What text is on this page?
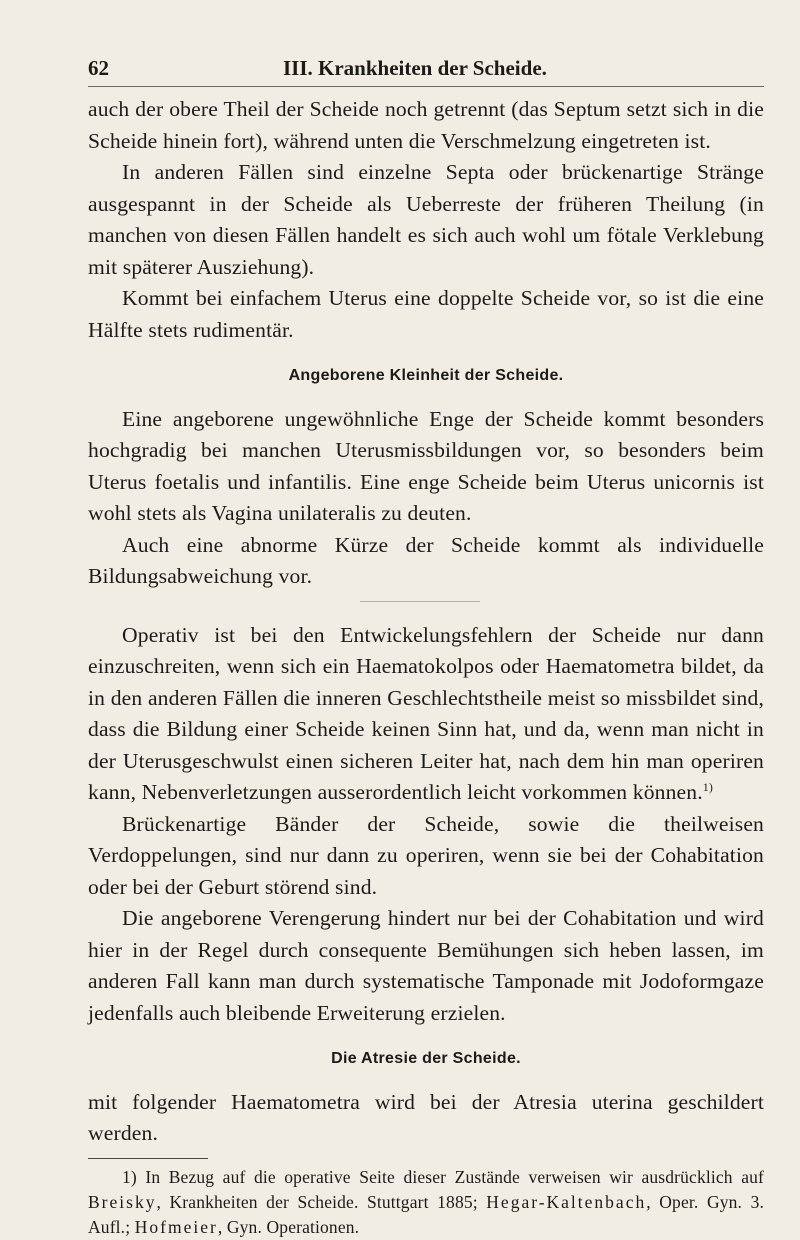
62	III. Krankheiten der Scheide.

auch der obere Theil der Scheide noch getrennt (das Septum setzt sich in die Scheide hinein fort), während unten die Verschmelzung eingetreten ist.

In anderen Fällen sind einzelne Septa oder brückenartige Stränge ausgespannt in der Scheide als Ueberreste der früheren Theilung (in manchen von diesen Fällen handelt es sich auch wohl um fötale Verklebung mit späterer Ausziehung).

Kommt bei einfachem Uterus eine doppelte Scheide vor, so ist die eine Hälfte stets rudimentär.

Angeborene Kleinheit der Scheide.

Eine angeborene ungewöhnliche Enge der Scheide kommt besonders hochgradig bei manchen Uterusmissbildungen vor, so besonders beim Uterus foetalis und infantilis. Eine enge Scheide beim Uterus unicornis ist wohl stets als Vagina unilateralis zu deuten.

Auch eine abnorme Kürze der Scheide kommt als individuelle Bildungsabweichung vor.

Operativ ist bei den Entwickelungsfehlern der Scheide nur dann einzuschreiten, wenn sich ein Haematokolpos oder Haematometra bildet, da in den anderen Fällen die inneren Geschlechtstheile meist so missbildet sind, dass die Bildung einer Scheide keinen Sinn hat, und da, wenn man nicht in der Uterusgeschwulst einen sicheren Leiter hat, nach dem hin man operiren kann, Nebenverletzungen ausserordentlich leicht vorkommen können.$^{1)}$

Brückenartige Bänder der Scheide, sowie die theilweisen Verdoppelungen, sind nur dann zu operiren, wenn sie bei der Cohabitation oder bei der Geburt störend sind.

Die angeborene Verengerung hindert nur bei der Cohabitation und wird hier in der Regel durch consequente Bemühungen sich heben lassen, im anderen Fall kann man durch systematische Tamponade mit Jodoformgaze jedenfalls auch bleibende Erweiterung erzielen.

Die Atresie der Scheide.

mit folgender Haematometra wird bei der Atresia uterina geschildert werden.

1) In Bezug auf die operative Seite dieser Zustände verweisen wir ausdrücklich auf Breisky, Krankheiten der Scheide. Stuttgart 1885; Hegar-Kaltenbach, Oper. Gyn. 3. Aufl.; Hofmeier, Gyn. Operationen.
